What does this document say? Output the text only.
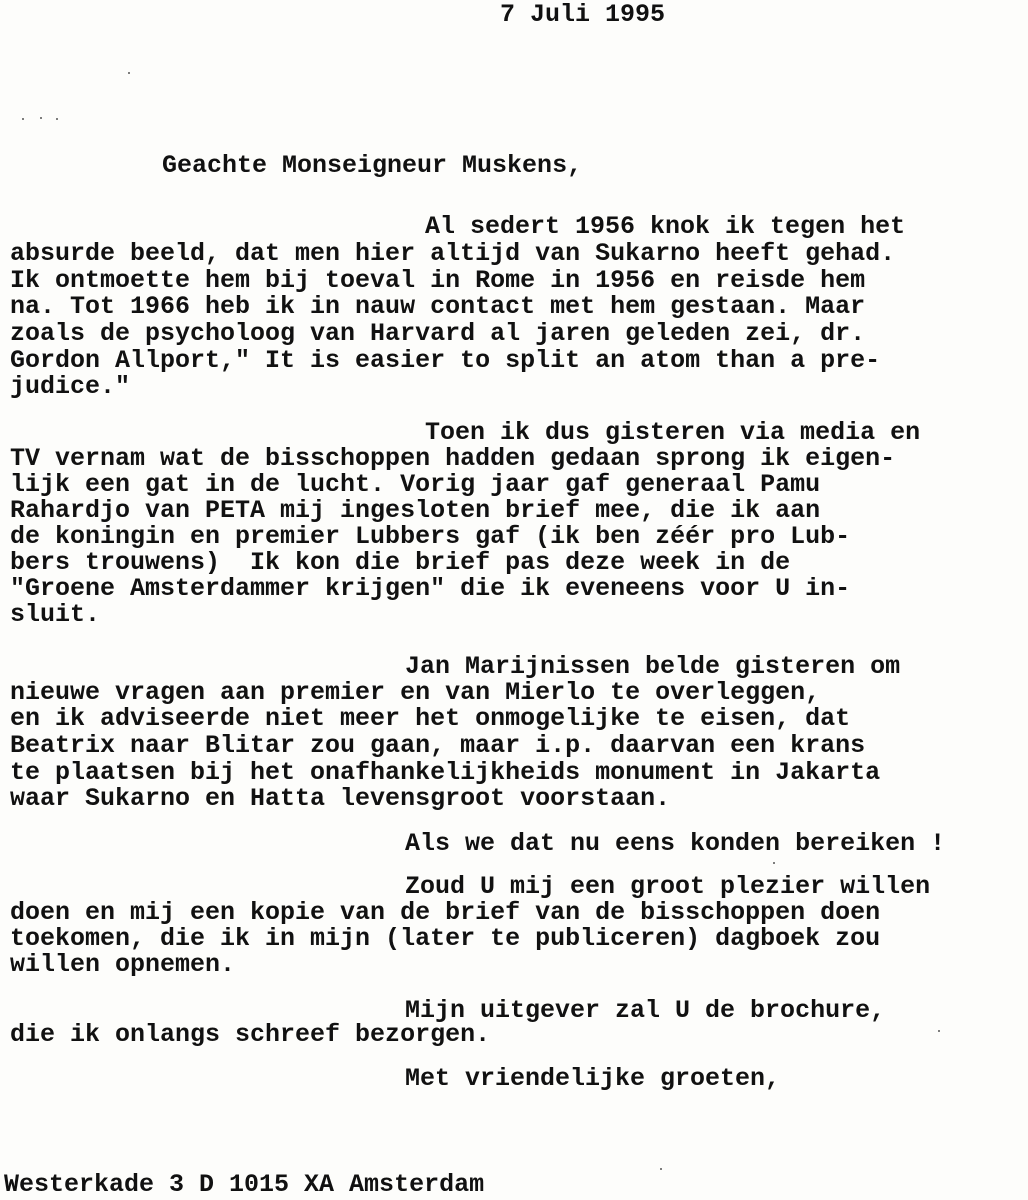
7 Juli 1995

Geachte Monseigneur Muskens,

Al sedert 1956 knok ik tegen het

absurde beeld, dat men hier altijd van Sukarno heeft gehad.

Ik ontmoette hem bij toeval in Rome in 1956 en reisde hem

na. Tot 1966 heb ik in nauw contact met hem gestaan. Maar

zoals de psycholoog van Harvard al jaren geleden zei, dr.

Gordon Allport," It is easier to split an atom than a pre-

judice."

Toen ik dus gisteren via media en

TV vernam wat de bisschoppen hadden gedaan sprong ik eigen-

lijk een gat in de lucht. Vorig jaar gaf generaal Pamu

Rahardjo van PETA mij ingesloten brief mee, die ik aan

de koningin en premier Lubbers gaf (ik ben zéér pro Lub-

bers trouwens)  Ik kon die brief pas deze week in de

"Groene Amsterdammer krijgen" die ik eveneens voor U in-

sluit.

Jan Marijnissen belde gisteren om

nieuwe vragen aan premier en van Mierlo te overleggen,

en ik adviseerde niet meer het onmogelijke te eisen, dat

Beatrix naar Blitar zou gaan, maar i.p. daarvan een krans

te plaatsen bij het onafhankelijkheids monument in Jakarta

waar Sukarno en Hatta levensgroot voorstaan.

Als we dat nu eens konden bereiken !

Zoud U mij een groot plezier willen

doen en mij een kopie van de brief van de bisschoppen doen

toekomen, die ik in mijn (later te publiceren) dagboek zou

willen opnemen.

Mijn uitgever zal U de brochure,

die ik onlangs schreef bezorgen.

Met vriendelijke groeten,

Westerkade 3 D 1015 XA Amsterdam
